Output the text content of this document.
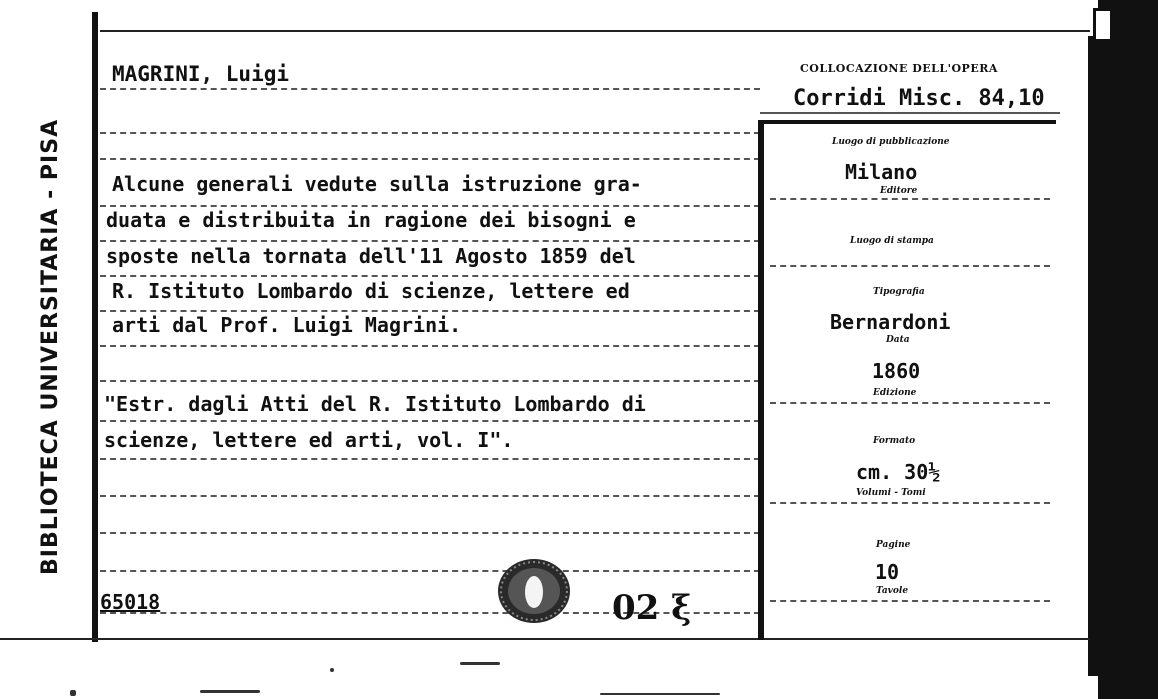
BIBLIOTECA UNIVERSITARIA - PISA
MAGRINI, Luigi
Alcune generali vedute sulla istruzione gra-
duata e distribuita in ragione dei bisogni e
sposte nella tornata dell'11 Agosto 1859 del
R. Istituto Lombardo di scienze, lettere ed
arti dal Prof. Luigi Magrini.
"Estr. dagli Atti del R. Istituto Lombardo di
scienze, lettere ed arti, vol. I".
65018	02 ξ
COLLOCAZIONE DELL'OPERA
Corridi Misc. 84,10
Luogo di pubblicazione
Milano
Editore
Luogo di stampa
Tipografia
Bernardoni
Data
1860
Edizione
Formato
cm. 30½
Volumi - Tomi
Pagine
10
Tavole
